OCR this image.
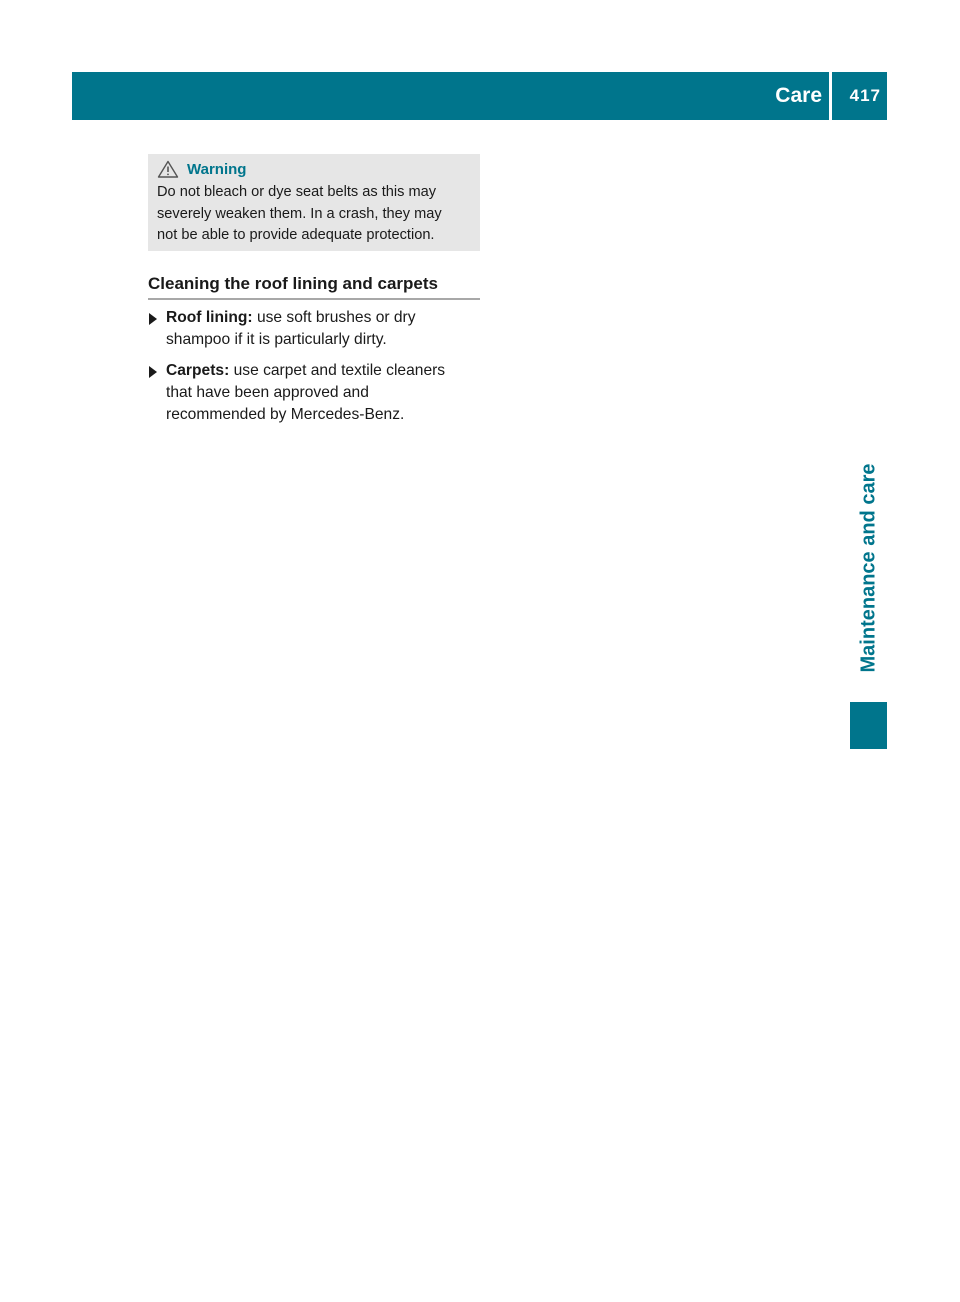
Care 417
Maintenance and care
Warning
Do not bleach or dye seat belts as this may
severely weaken them. In a crash, they may
not be able to provide adequate protection.
Cleaning the roof lining and carpets
Roof lining: use soft brushes or dry
shampoo if it is particularly dirty.
Carpets: use carpet and textile cleaners
that have been approved and
recommended by Mercedes-Benz.
